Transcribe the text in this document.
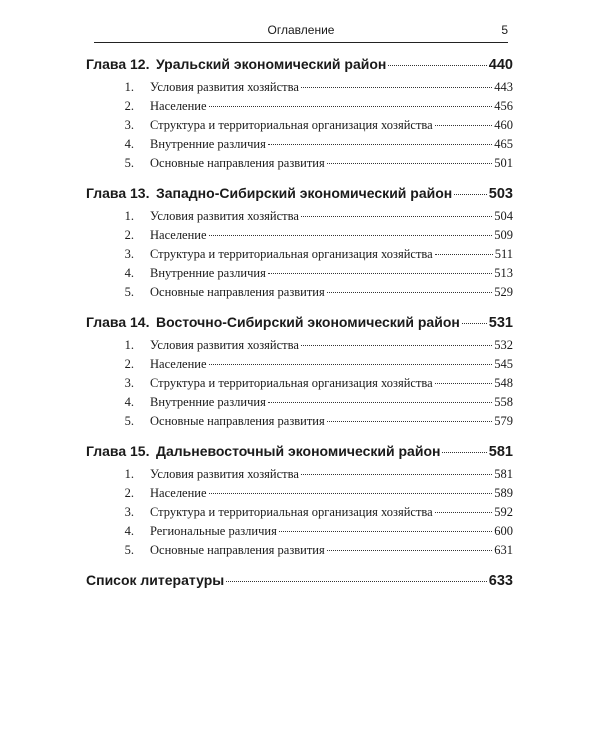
Оглавление	5
Глава 12. Уральский экономический район	440
1. Условия развития хозяйства	443
2. Население	456
3. Структура и территориальная организация хозяйства	460
4. Внутренние различия	465
5. Основные направления развития	501
Глава 13. Западно-Сибирский экономический район	503
1. Условия развития хозяйства	504
2. Население	509
3. Структура и территориальная организация хозяйства	511
4. Внутренние различия	513
5. Основные направления развития	529
Глава 14. Восточно-Сибирский экономический район 531
1. Условия развития хозяйства	532
2. Население	545
3. Структура и территориальная организация хозяйства	548
4. Внутренние различия	558
5. Основные направления развития	579
Глава 15. Дальневосточный экономический район	581
1. Условия развития хозяйства	581
2. Население	589
3. Структура и территориальная организация хозяйства	592
4. Региональные различия	600
5. Основные направления развития	631
Список литературы	633
